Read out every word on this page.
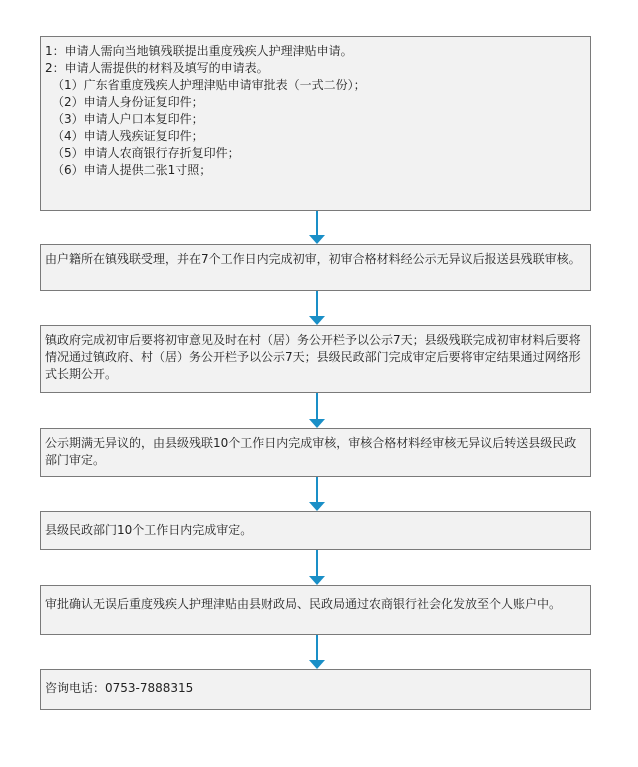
1：申请人需向当地镇残联提出重度残疾人护理津贴申请。
2：申请人需提供的材料及填写的申请表。
（1）广东省重度残疾人护理津贴申请审批表（一式二份）；
（2）申请人身份证复印件；
（3）申请人户口本复印件；
（4）申请人残疾证复印件；
（5）申请人农商银行存折复印件；
（6）申请人提供二张1寸照；
由户籍所在镇残联受理，并在7个工作日内完成初审，初审合格材料经公示无异议后报送县残联审核。
镇政府完成初审后要将初审意见及时在村（居）务公开栏予以公示7天；县级残联完成初审材料后要将情况通过镇政府、村（居）务公开栏予以公示7天；县级民政部门完成审定后要将审定结果通过网络形式长期公开。
公示期满无异议的，由县级残联10个工作日内完成审核，审核合格材料经审核无异议后转送县级民政部门审定。
县级民政部门10个工作日内完成审定。
审批确认无误后重度残疾人护理津贴由县财政局、民政局通过农商银行社会化发放至个人账户中。
咨询电话：0753-7888315
